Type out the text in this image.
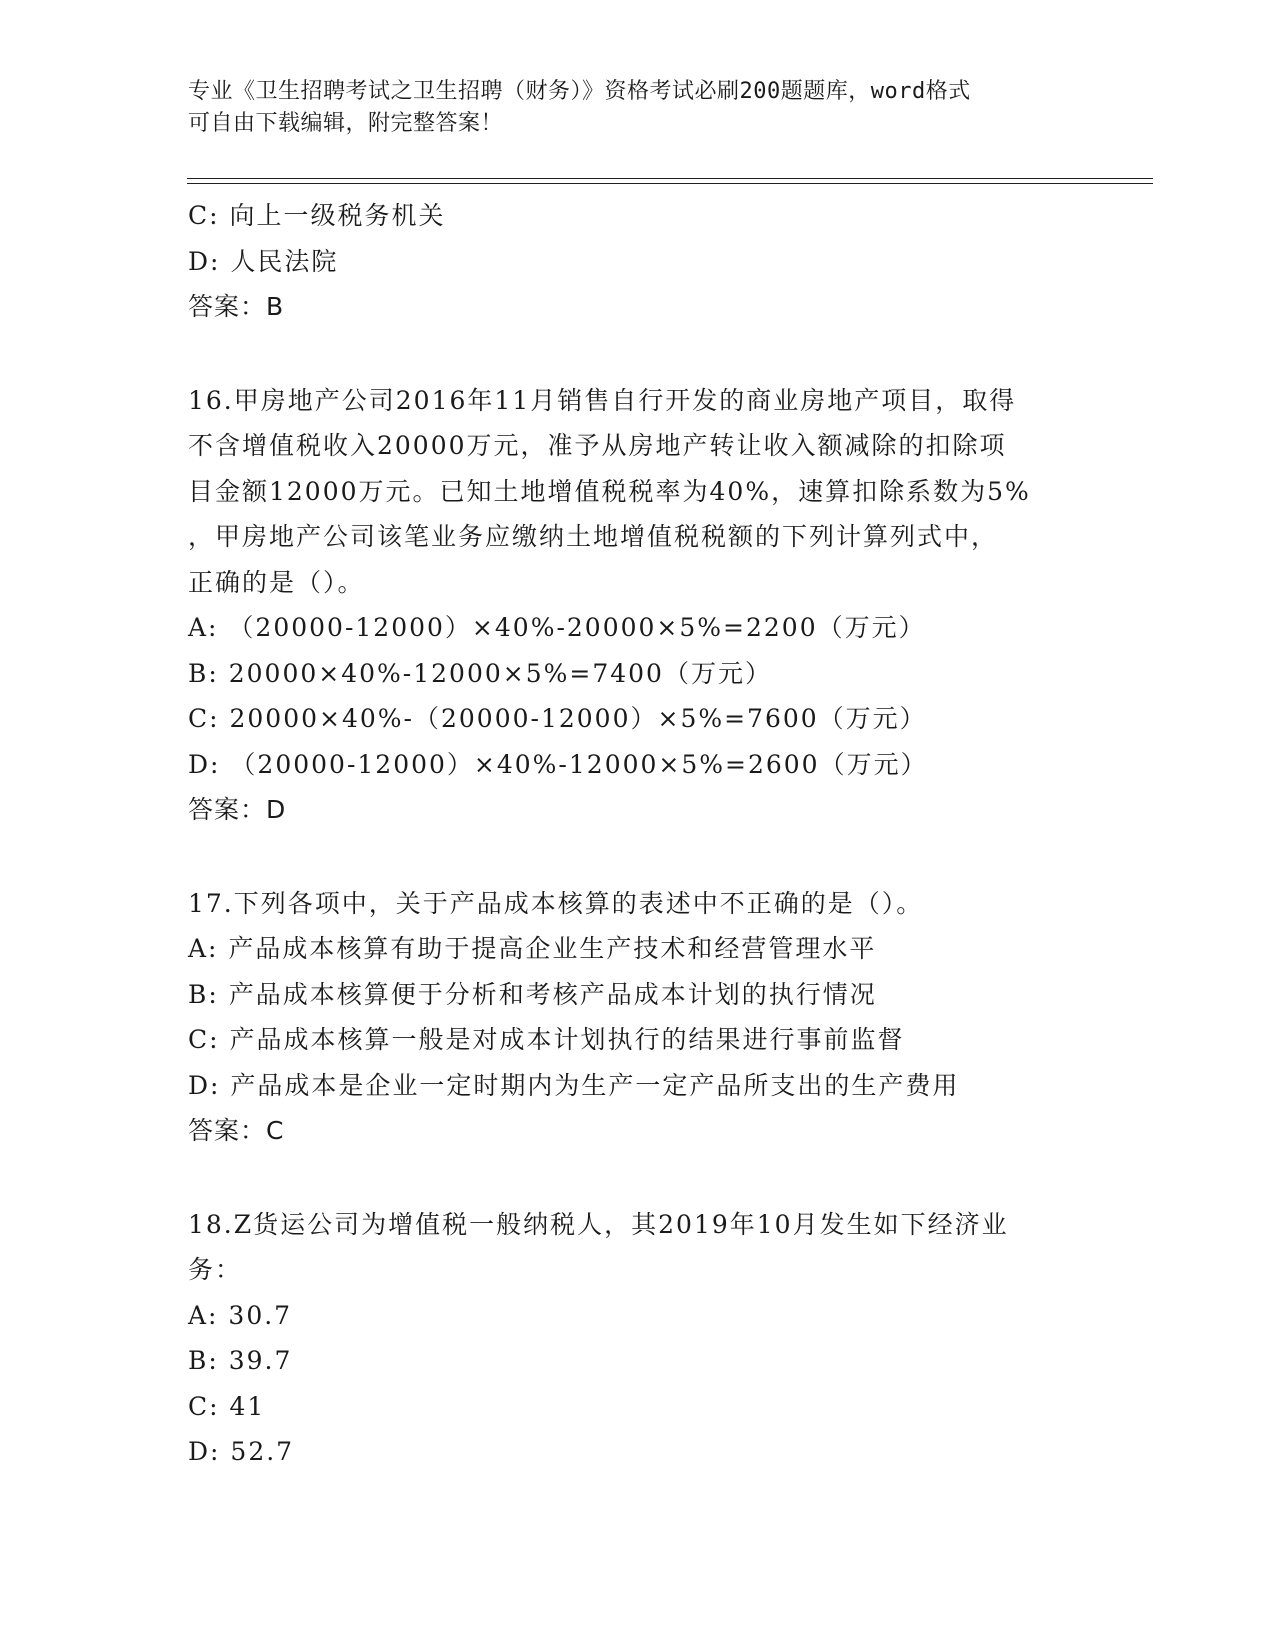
专业《卫生招聘考试之卫生招聘（财务）》资格考试必刷200题题库，word格式
可自由下载编辑，附完整答案！
C: 向上一级税务机关
D: 人民法院
答案：B
16.甲房地产公司2016年11月销售自行开发的商业房地产项目，取得
不含增值税收入20000万元，准予从房地产转让收入额减除的扣除项
目金额12000万元。已知土地增值税税率为40%，速算扣除系数为5%
，甲房地产公司该笔业务应缴纳土地增值税税额的下列计算列式中，
正确的是（）。
A: （20000-12000）×40%-20000×5%=2200（万元）
B: 20000×40%-12000×5%=7400（万元）
C: 20000×40%-（20000-12000）×5%=7600（万元）
D: （20000-12000）×40%-12000×5%=2600（万元）
答案：D
17.下列各项中，关于产品成本核算的表述中不正确的是（）。
A: 产品成本核算有助于提高企业生产技术和经营管理水平
B: 产品成本核算便于分析和考核产品成本计划的执行情况
C: 产品成本核算一般是对成本计划执行的结果进行事前监督
D: 产品成本是企业一定时期内为生产一定产品所支出的生产费用
答案：C
18.Z货运公司为增值税一般纳税人，其2019年10月发生如下经济业
务：
A: 30.7
B: 39.7
C: 41
D: 52.7
